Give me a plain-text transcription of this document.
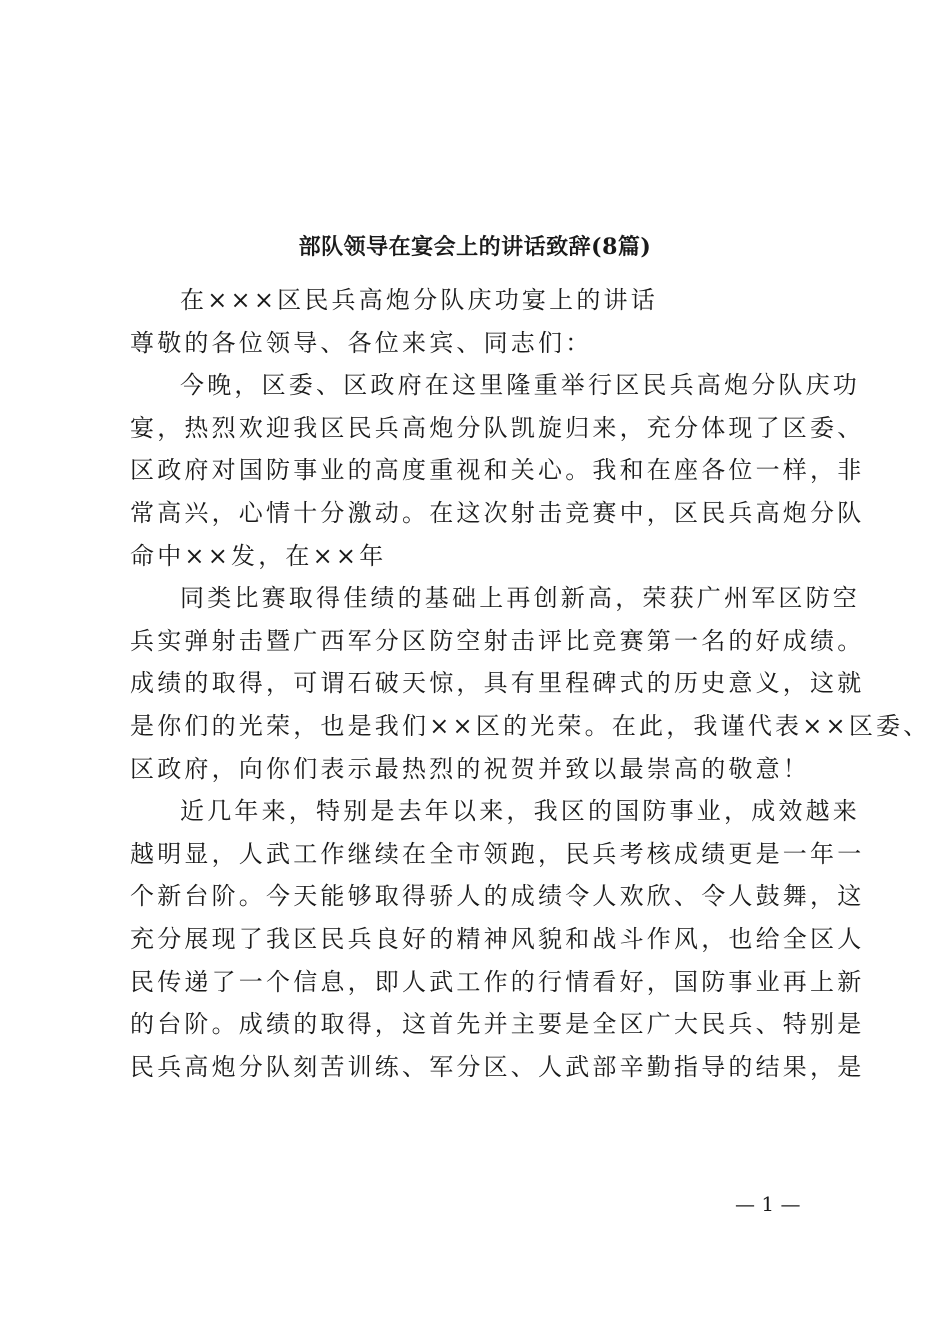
部队领导在宴会上的讲话致辞(8篇)
在×××区民兵高炮分队庆功宴上的讲话
尊敬的各位领导、各位来宾、同志们：
今晚，区委、区政府在这里隆重举行区民兵高炮分队庆功
宴，热烈欢迎我区民兵高炮分队凯旋归来，充分体现了区委、
区政府对国防事业的高度重视和关心。我和在座各位一样，非
常高兴，心情十分激动。在这次射击竞赛中，区民兵高炮分队
命中××发，在××年
同类比赛取得佳绩的基础上再创新高，荣获广州军区防空
兵实弹射击暨广西军分区防空射击评比竞赛第一名的好成绩。
成绩的取得，可谓石破天惊，具有里程碑式的历史意义，这就
是你们的光荣，也是我们××区的光荣。在此，我谨代表××区委、
区政府，向你们表示最热烈的祝贺并致以最崇高的敬意！
近几年来，特别是去年以来，我区的国防事业，成效越来
越明显，人武工作继续在全市领跑，民兵考核成绩更是一年一
个新台阶。今天能够取得骄人的成绩令人欢欣、令人鼓舞，这
充分展现了我区民兵良好的精神风貌和战斗作风，也给全区人
民传递了一个信息，即人武工作的行情看好，国防事业再上新
的台阶。成绩的取得，这首先并主要是全区广大民兵、特别是
民兵高炮分队刻苦训练、军分区、人武部辛勤指导的结果，是
— 1 —
